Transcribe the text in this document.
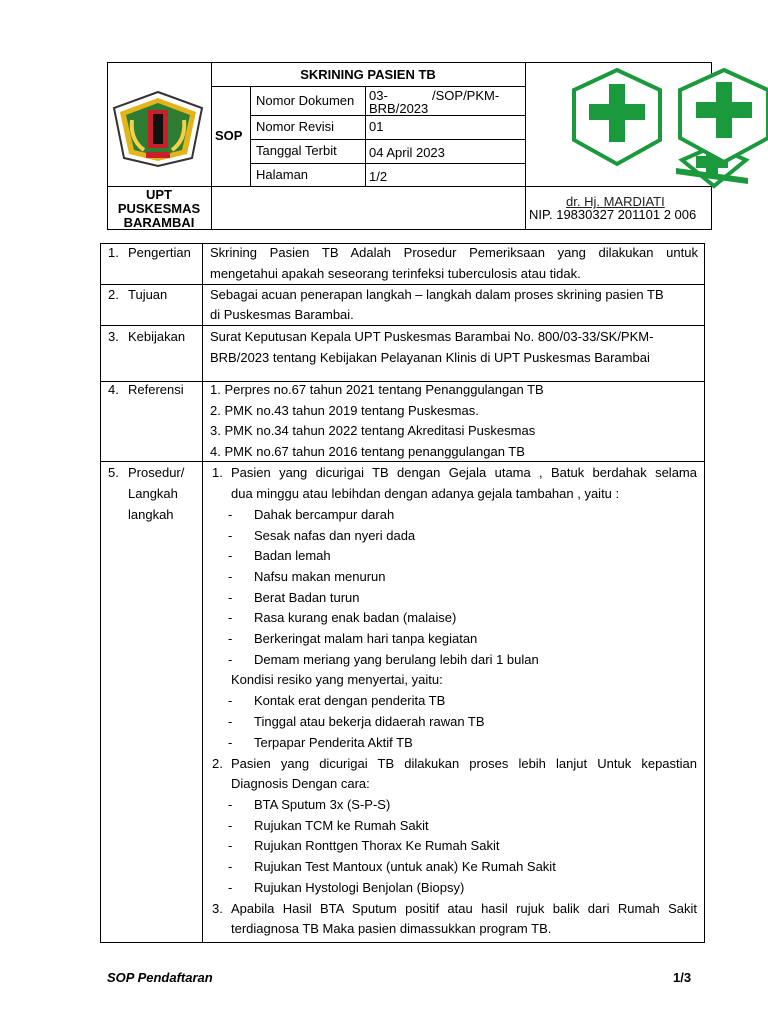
SKRINING PASIEN TB
SOP
Nomor Dokumen 03-	/SOP/PKM-
BRB/2023
Nomor Revisi	01
Tanggal Terbit 04 April 2023
Halaman	1/2
UPT
PUSKESMAS
BARAMBAI
dr. Hj. MARDIATI
NIP. 19830327 201101 2 006
1. Pengertian Skrining Pasien TB Adalah Prosedur Pemeriksaan yang dilakukan untuk
mengetahui apakah seseorang terinfeksi tuberculosis atau tidak.
2. Tujuan	Sebagai acuan penerapan langkah – langkah dalam proses skrining pasien TB
di Puskesmas Barambai.
3. Kebijakan Surat Keputusan Kepala UPT Puskesmas Barambai No. 800/03-33/SK/PKM-
BRB/2023 tentang Kebijakan Pelayanan Klinis di UPT Puskesmas Barambai
4. Referensi 1. Perpres no.67 tahun 2021 tentang Penanggulangan TB
2. PMK no.43 tahun 2019 tentang Puskesmas.
3. PMK no.34 tahun 2022 tentang Akreditasi Puskesmas
4. PMK no.67 tahun 2016 tentang penanggulangan TB
5. Prosedur/
Langkah
langkah
1. Pasien yang dicurigai TB dengan Gejala utama , Batuk berdahak selama
dua minggu atau lebihdan dengan adanya gejala tambahan , yaitu :
- Dahak bercampur darah
- Sesak nafas dan nyeri dada
- Badan lemah
- Nafsu makan menurun
- Berat Badan turun
- Rasa kurang enak badan (malaise)
- Berkeringat malam hari tanpa kegiatan
- Demam meriang yang berulang lebih dari 1 bulan
Kondisi resiko yang menyertai, yaitu:
- Kontak erat dengan penderita TB
- Tinggal atau bekerja didaerah rawan TB
- Terpapar Penderita Aktif TB
2. Pasien yang dicurigai TB dilakukan proses lebih lanjut Untuk kepastian
Diagnosis Dengan cara:
- BTA Sputum 3x (S-P-S)
- Rujukan TCM ke Rumah Sakit
- Rujukan Ronttgen Thorax Ke Rumah Sakit
- Rujukan Test Mantoux (untuk anak) Ke Rumah Sakit
- Rujukan Hystologi Benjolan (Biopsy)
3. Apabila Hasil BTA Sputum positif atau hasil rujuk balik dari Rumah Sakit
terdiagnosa TB Maka pasien dimassukkan program TB.
SOP Pendaftaran	1/3
